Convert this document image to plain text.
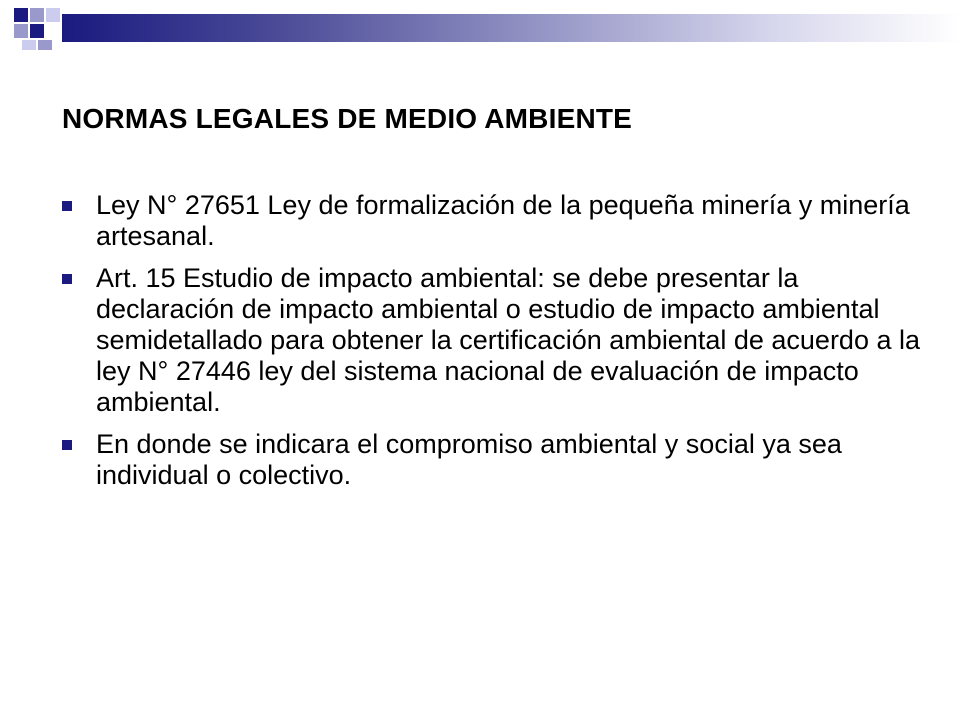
NORMAS LEGALES DE MEDIO AMBIENTE
Ley N° 27651 Ley de formalización de la pequeña minería y minería artesanal.
Art. 15 Estudio de impacto ambiental: se debe presentar la declaración de impacto ambiental o estudio de impacto ambiental semidetallado para obtener la certificación ambiental de acuerdo a la ley N° 27446 ley del sistema nacional de evaluación de impacto ambiental.
En donde se indicara el compromiso ambiental y social ya sea individual o colectivo.
